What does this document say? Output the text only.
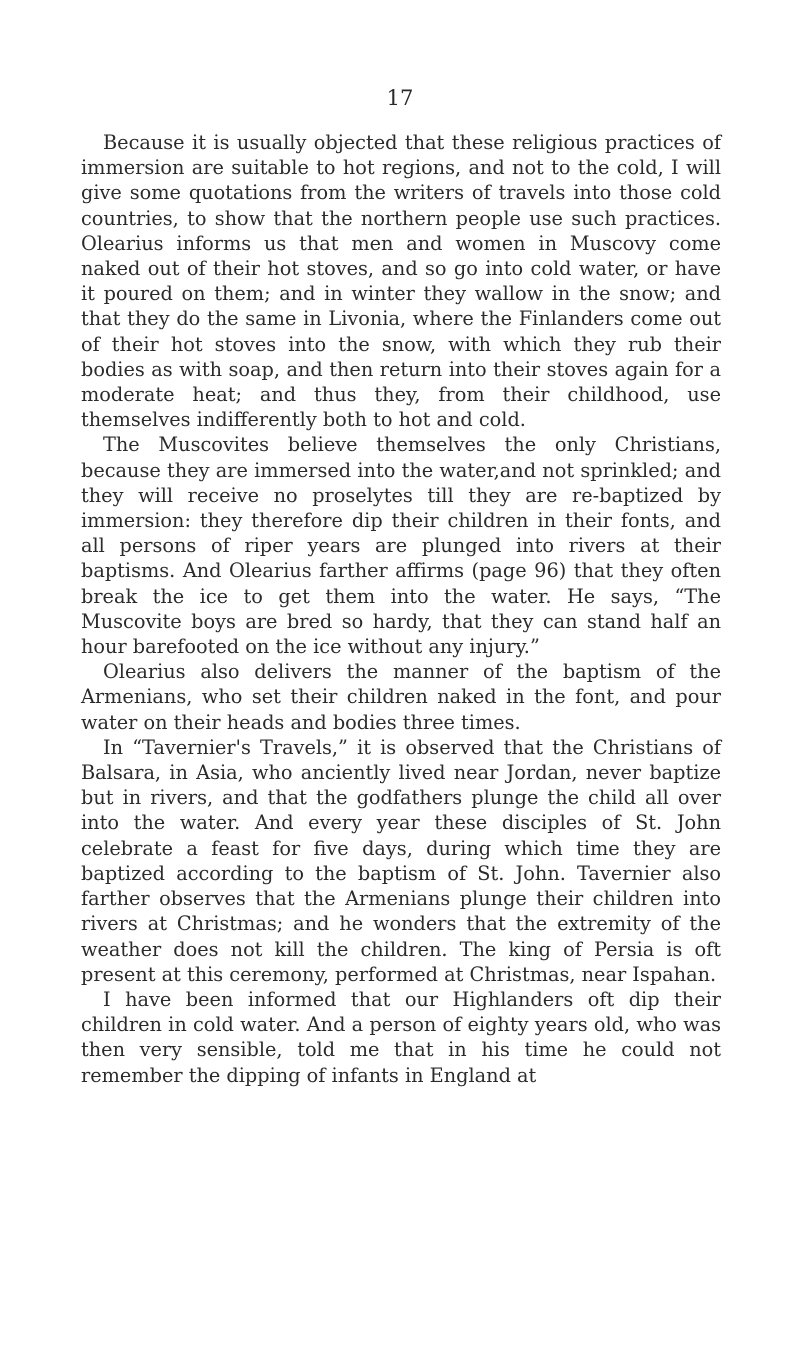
17

Because it is usually objected that these religious practices of immersion are suitable to hot regions, and not to the cold, I will give some quotations from the writers of travels into those cold countries, to show that the northern people use such practices. Olearius informs us that men and women in Muscovy come naked out of their hot stoves, and so go into cold water, or have it poured on them; and in winter they wallow in the snow; and that they do the same in Livonia, where the Finlanders come out of their hot stoves into the snow, with which they rub their bodies as with soap, and then return into their stoves again for a moderate heat; and thus they, from their childhood, use themselves indifferently both to hot and cold.

The Muscovites believe themselves the only Christians, because they are immersed into the water,and not sprinkled; and they will receive no proselytes till they are re-baptized by immersion: they therefore dip their children in their fonts, and all persons of riper years are plunged into rivers at their baptisms. And Olearius farther affirms (page 96) that they often break the ice to get them into the water. He says, “The Muscovite boys are bred so hardy, that they can stand half an hour barefooted on the ice without any injury.”

Olearius also delivers the manner of the baptism of the Armenians, who set their children naked in the font, and pour water on their heads and bodies three times.

In “Tavernier's Travels,” it is observed that the Christians of Balsara, in Asia, who anciently lived near Jordan, never baptize but in rivers, and that the godfathers plunge the child all over into the water. And every year these disciples of St. John celebrate a feast for five days, during which time they are baptized according to the baptism of St. John. Tavernier also farther observes that the Armenians plunge their children into rivers at Christmas; and he wonders that the extremity of the weather does not kill the children. The king of Persia is oft present at this ceremony, performed at Christmas, near Ispahan.

I have been informed that our Highlanders oft dip their children in cold water. And a person of eighty years old, who was then very sensible, told me that in his time he could not remember the dipping of infants in England at
